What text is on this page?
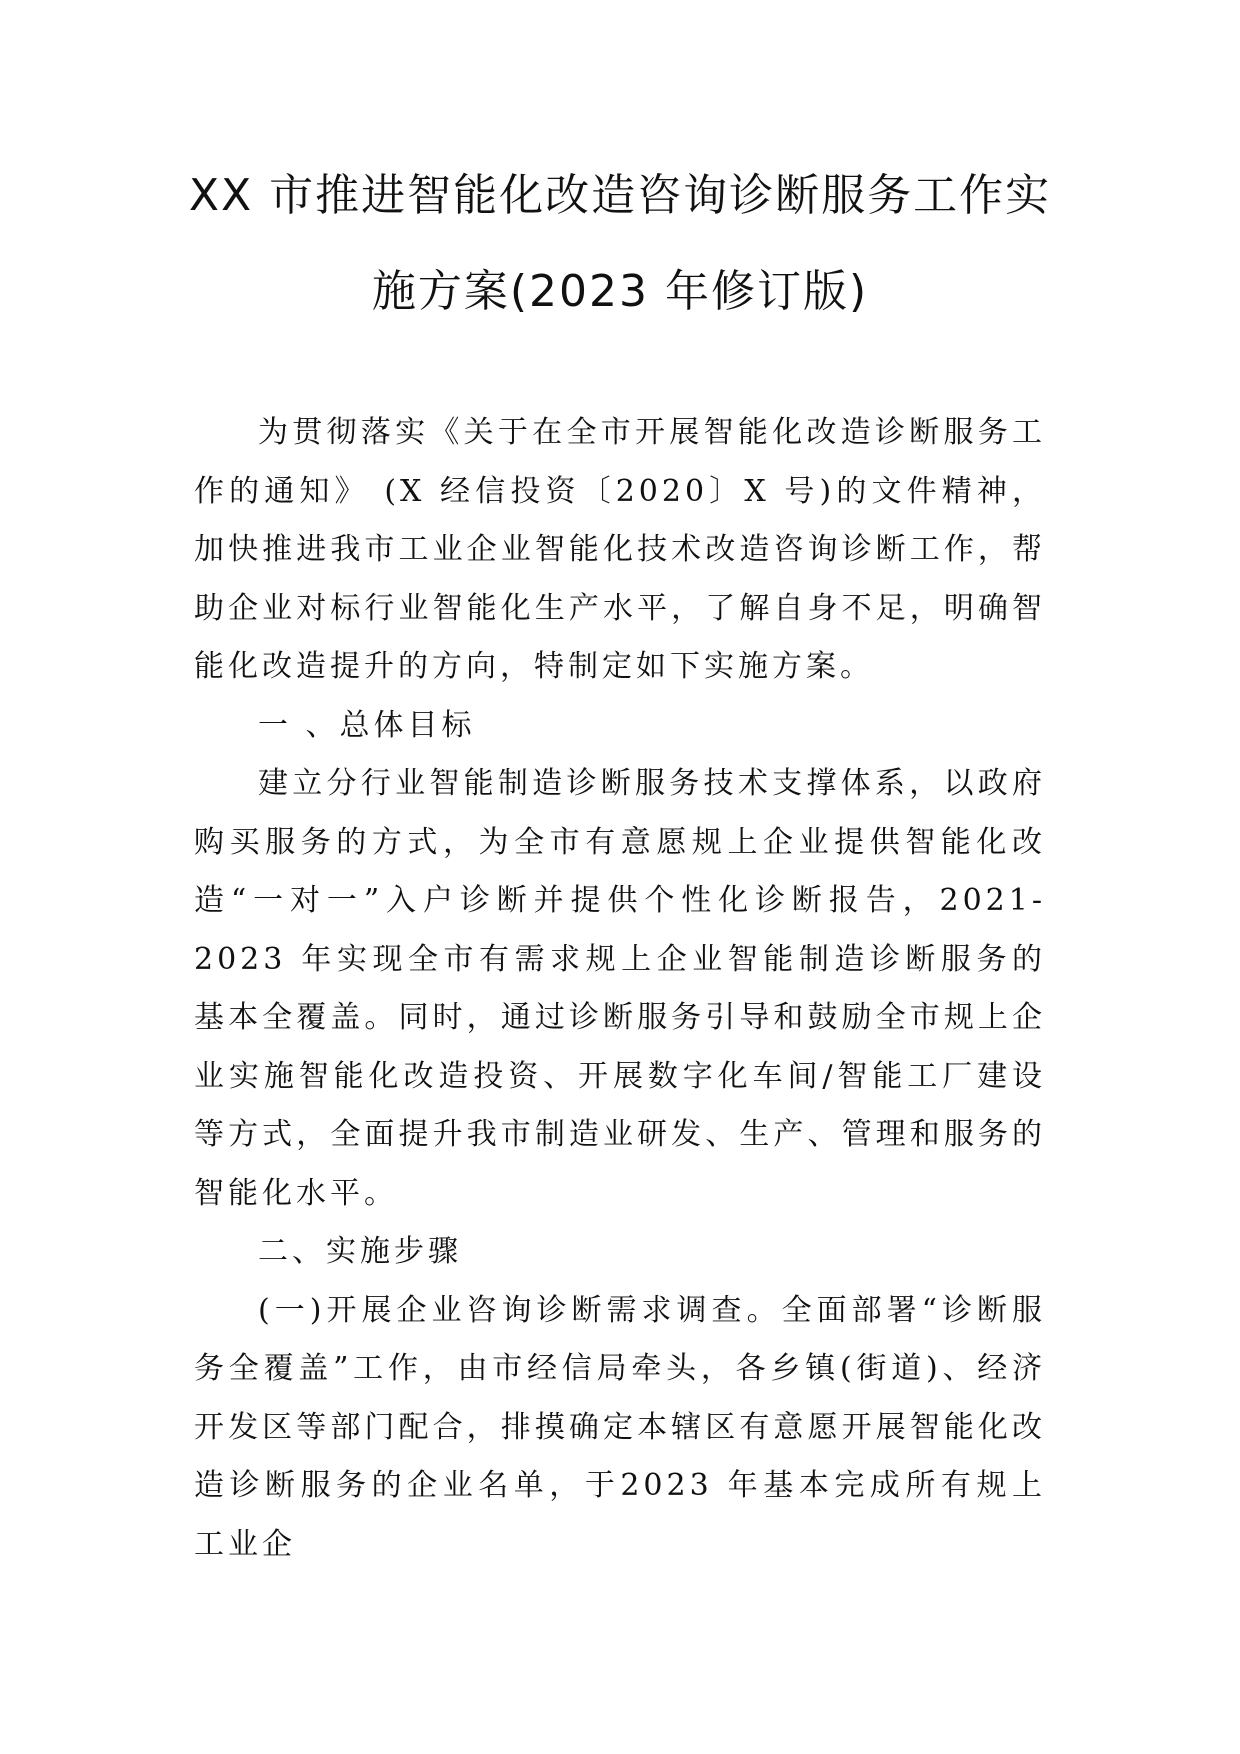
XX 市推进智能化改造咨询诊断服务工作实
施方案(2023 年修订版)

为贯彻落实《关于在全市开展智能化改造诊断服务工作的通知》 (X 经信投资〔2020〕X 号)的文件精神，加快推进我市工业企业智能化技术改造咨询诊断工作，帮助企业对标行业智能化生产水平，了解自身不足，明确智能化改造提升的方向，特制定如下实施方案。

一 、总体目标

建立分行业智能制造诊断服务技术支撑体系，以政府购买服务的方式，为全市有意愿规上企业提供智能化改造“一对一”入户诊断并提供个性化诊断报告，2021-2023 年实现全市有需求规上企业智能制造诊断服务的基本全覆盖。同时，通过诊断服务引导和鼓励全市规上企业实施智能化改造投资、开展数字化车间/智能工厂建设等方式，全面提升我市制造业研发、生产、管理和服务的智能化水平。

二、实施步骤

(一)开展企业咨询诊断需求调查。全面部署“诊断服务全覆盖”工作，由市经信局牵头，各乡镇(街道)、经济开发区等部门配合，排摸确定本辖区有意愿开展智能化改造诊断服务的企业名单，于2023 年基本完成所有规上工业企
